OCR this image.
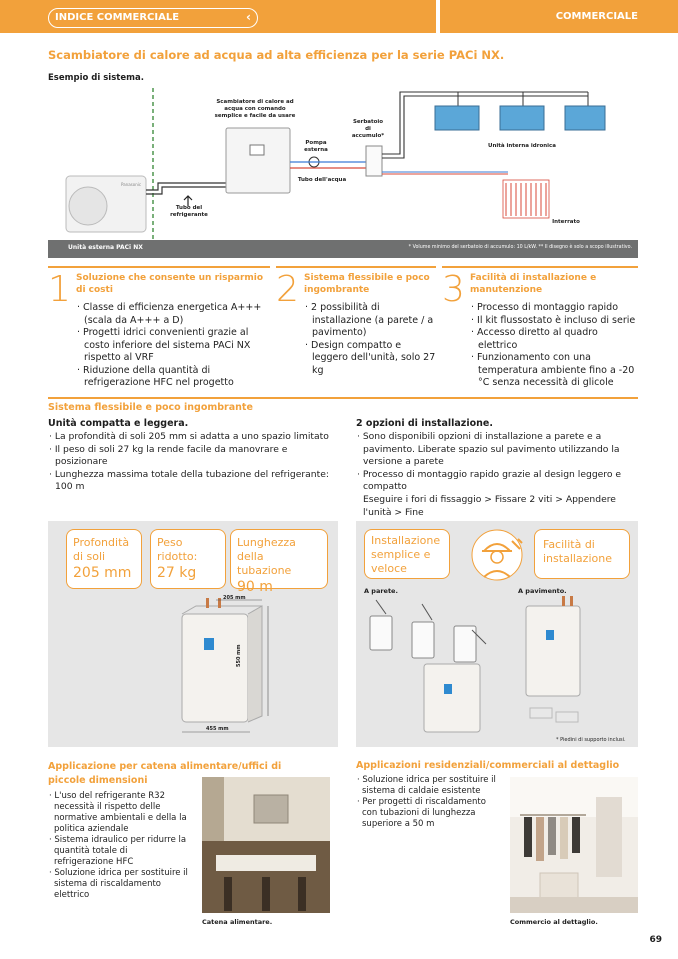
INDICE COMMERCIALE	‹	COMMERCIALE
Scambiatore di calore ad acqua ad alta efficienza per la serie PACi NX.
Esempio di sistema.
Panasonic
Scambiatore di calore ad acqua con comando semplice e facile da usare
Pompa esterna
Serbatoio di accumulo*
Unità interna idronica
Tubo dell'acqua
Tubo del refrigerante
Interrato
Unità esterna PACi NX	* Volume minimo del serbatoio di accumulo: 10 L/kW. ** Il disegno è solo a scopo illustrativo.
1 Soluzione che consente un risparmio di costi
· Classe di efficienza energetica A+++ (scala da A+++ a D)
· Progetti idrici convenienti grazie al costo inferiore del sistema PACi NX rispetto al VRF
· Riduzione della quantità di refrigerazione HFC nel progetto
2 Sistema flessibile e poco ingombrante
· 2 possibilità di installazione (a parete / a pavimento)
· Design compatto e leggero dell'unità, solo 27 kg
3 Facilità di installazione e manutenzione
· Processo di montaggio rapido
· Il kit flussostato è incluso di serie
· Accesso diretto al quadro elettrico
· Funzionamento con una temperatura ambiente fino a -20 °C senza necessità di glicole
Sistema flessibile e poco ingombrante
Unità compatta e leggera.
· La profondità di soli 205 mm si adatta a uno spazio limitato
· Il peso di soli 27 kg la rende facile da manovrare e posizionare
· Lunghezza massima totale della tubazione del refrigerante: 100 m
2 opzioni di installazione.
· Sono disponibili opzioni di installazione a parete e a pavimento. Liberate spazio sul pavimento utilizzando la versione a parete
· Processo di montaggio rapido grazie al design leggero e compatto
Eseguire i fori di fissaggio > Fissare 2 viti > Appendere l'unità > Fine
Profondità di soli
205 mm
Peso ridotto:
27 kg
Lunghezza della tubazione
90 m
205 mm
550 mm
455 mm
Installazione semplice e veloce
Facilità di installazione
A parete.	A pavimento.
* Piedini di supporto inclusi.
Applicazione per catena alimentare/uffici di piccole dimensioni
· L'uso del refrigerante R32 necessità il rispetto delle normative ambientali e della la politica aziendale
· Sistema idraulico per ridurre la quantità totale di refrigerazione HFC
· Soluzione idrica per sostituire il sistema di riscaldamento elettrico
Catena alimentare.
Applicazioni residenziali/commerciali al dettaglio
· Soluzione idrica per sostituire il sistema di caldaie esistente
· Per progetti di riscaldamento con tubazioni di lunghezza superiore a 50 m
Commercio al dettaglio.
69
